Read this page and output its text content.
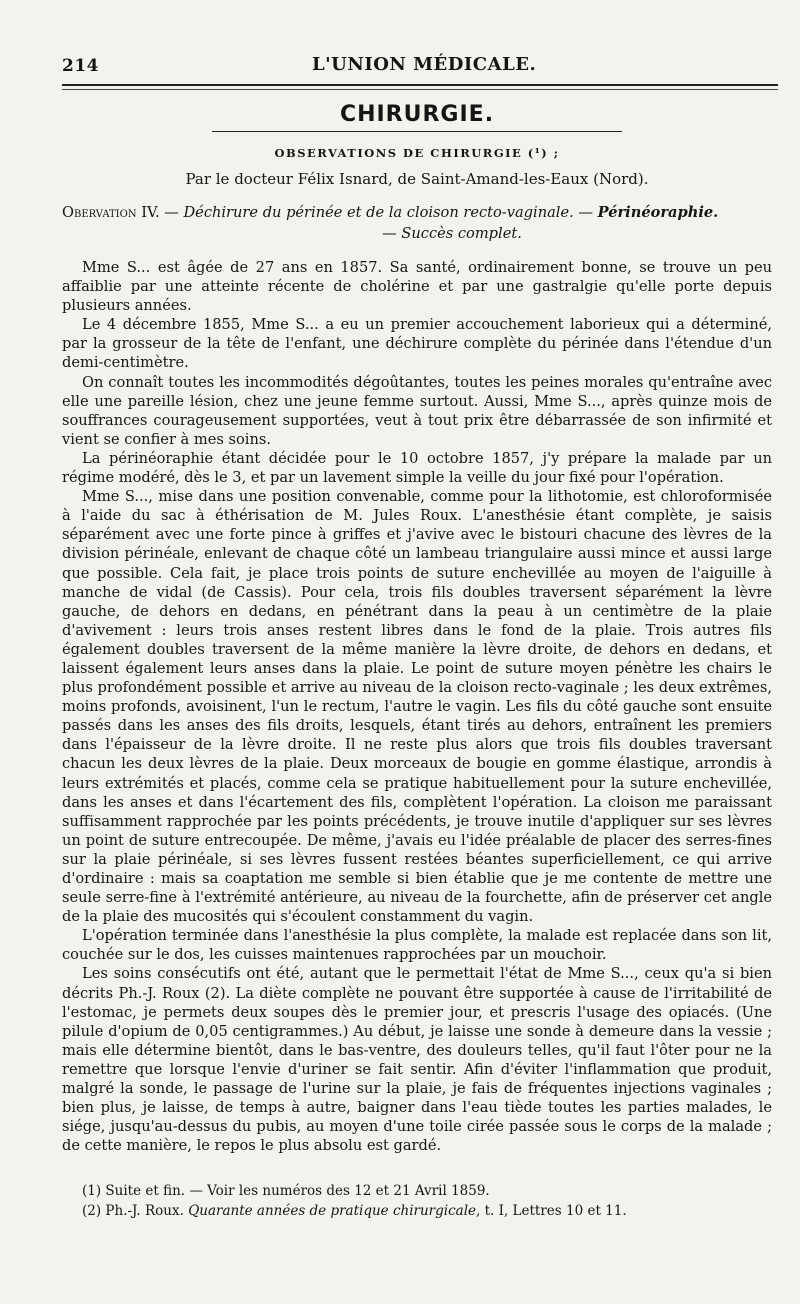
214	L'UNION MÉDICALE.
CHIRURGIE.
OBSERVATIONS DE CHIRURGIE (¹) ;
Par le docteur Félix Isnard, de Saint-Amand-les-Eaux (Nord).
Obervation IV. — Déchirure du périnée et de la cloison recto-vaginale. — Périnéoraphie.
— Succès complet.

Mme S... est âgée de 27 ans en 1857. Sa santé, ordinairement bonne, se trouve un peu affaiblie par une atteinte récente de cholérine et par une gastralgie qu'elle porte depuis plusieurs années.

Le 4 décembre 1855, Mme S... a eu un premier accouchement laborieux qui a déterminé, par la grosseur de la tête de l'enfant, une déchirure complète du périnée dans l'étendue d'un demi-centimètre.

On connaît toutes les incommodités dégoûtantes, toutes les peines morales qu'entraîne avec elle une pareille lésion, chez une jeune femme surtout. Aussi, Mme S..., après quinze mois de souffrances courageusement supportées, veut à tout prix être débarrassée de son infirmité et vient se confier à mes soins.

La périnéoraphie étant décidée pour le 10 octobre 1857, j'y prépare la malade par un régime modéré, dès le 3, et par un lavement simple la veille du jour fixé pour l'opération.

Mme S..., mise dans une position convenable, comme pour la lithotomie, est chloroformisée à l'aide du sac à éthérisation de M. Jules Roux. L'anesthésie étant complète, je saisis séparément avec une forte pince à griffes et j'avive avec le bistouri chacune des lèvres de la division périnéale, enlevant de chaque côté un lambeau triangulaire aussi mince et aussi large que possible. Cela fait, je place trois points de suture enchevillée au moyen de l'aiguille à manche de vidal (de Cassis). Pour cela, trois fils doubles traversent séparément la lèvre gauche, de dehors en dedans, en pénétrant dans la peau à un centimètre de la plaie d'avivement : leurs trois anses restent libres dans le fond de la plaie. Trois autres fils également doubles traversent de la même manière la lèvre droite, de dehors en dedans, et laissent également leurs anses dans la plaie. Le point de suture moyen pénètre les chairs le plus profondément possible et arrive au niveau de la cloison recto-vaginale ; les deux extrêmes, moins profonds, avoisinent, l'un le rectum, l'autre le vagin. Les fils du côté gauche sont ensuite passés dans les anses des fils droits, lesquels, étant tirés au dehors, entraînent les premiers dans l'épaisseur de la lèvre droite. Il ne reste plus alors que trois fils doubles traversant chacun les deux lèvres de la plaie. Deux morceaux de bougie en gomme élastique, arrondis à leurs extrémités et placés, comme cela se pratique habituellement pour la suture enchevillée, dans les anses et dans l'écartement des fils, complètent l'opération. La cloison me paraissant suffisamment rapprochée par les points précédents, je trouve inutile d'appliquer sur ses lèvres un point de suture entrecoupée. De même, j'avais eu l'idée préalable de placer des serres-fines sur la plaie périnéale, si ses lèvres fussent restées béantes superficiellement, ce qui arrive d'ordinaire : mais sa coaptation me semble si bien établie que je me contente de mettre une seule serre-fine à l'extrémité antérieure, au niveau de la fourchette, afin de préserver cet angle de la plaie des mucosités qui s'écoulent constamment du vagin.

L'opération terminée dans l'anesthésie la plus complète, la malade est replacée dans son lit, couchée sur le dos, les cuisses maintenues rapprochées par un mouchoir.

Les soins consécutifs ont été, autant que le permettait l'état de Mme S..., ceux qu'a si bien décrits Ph.-J. Roux (2). La diète complète ne pouvant être supportée à cause de l'irritabilité de l'estomac, je permets deux soupes dès le premier jour, et prescris l'usage des opiacés. (Une pilule d'opium de 0,05 centigrammes.) Au début, je laisse une sonde à demeure dans la vessie ; mais elle détermine bientôt, dans le bas-ventre, des douleurs telles, qu'il faut l'ôter pour ne la remettre que lorsque l'envie d'uriner se fait sentir. Afin d'éviter l'inflammation que produit, malgré la sonde, le passage de l'urine sur la plaie, je fais de fréquentes injections vaginales ; bien plus, je laisse, de temps à autre, baigner dans l'eau tiède toutes les parties malades, le siége, jusqu'au-dessus du pubis, au moyen d'une toile cirée passée sous le corps de la malade ; de cette manière, le repos le plus absolu est gardé.

(1) Suite et fin. — Voir les numéros des 12 et 21 Avril 1859.
(2) Ph.-J. Roux. Quarante années de pratique chirurgicale, t. I, Lettres 10 et 11.
